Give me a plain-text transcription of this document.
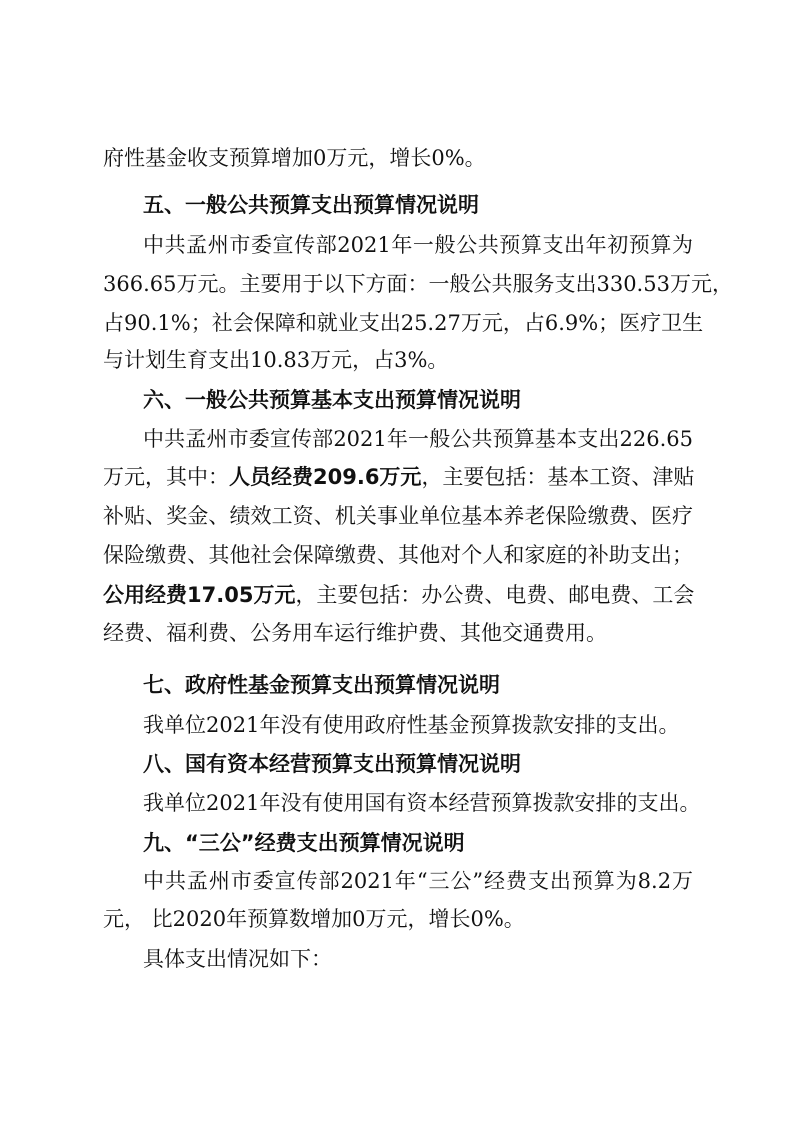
府性基金收支预算增加0万元，增长0%。
五、一般公共预算支出预算情况说明
中共孟州市委宣传部2021年一般公共预算支出年初预算为
366.65万元。主要用于以下方面：一般公共服务支出330.53万元，
占90.1%；社会保障和就业支出25.27万元，占6.9%；医疗卫生
与计划生育支出10.83万元，占3%。
六、一般公共预算基本支出预算情况说明
中共孟州市委宣传部2021年一般公共预算基本支出226.65
万元，其中：人员经费209.6万元，主要包括：基本工资、津贴
补贴、奖金、绩效工资、机关事业单位基本养老保险缴费、医疗
保险缴费、其他社会保障缴费、其他对个人和家庭的补助支出；
公用经费17.05万元，主要包括：办公费、电费、邮电费、工会
经费、福利费、公务用车运行维护费、其他交通费用。
七、政府性基金预算支出预算情况说明
我单位2021年没有使用政府性基金预算拨款安排的支出。
八、国有资本经营预算支出预算情况说明
我单位2021年没有使用国有资本经营预算拨款安排的支出。
九、“三公”经费支出预算情况说明
中共孟州市委宣传部2021年“三公”经费支出预算为8.2万
元， 比2020年预算数增加0万元，增长0%。
具体支出情况如下：
